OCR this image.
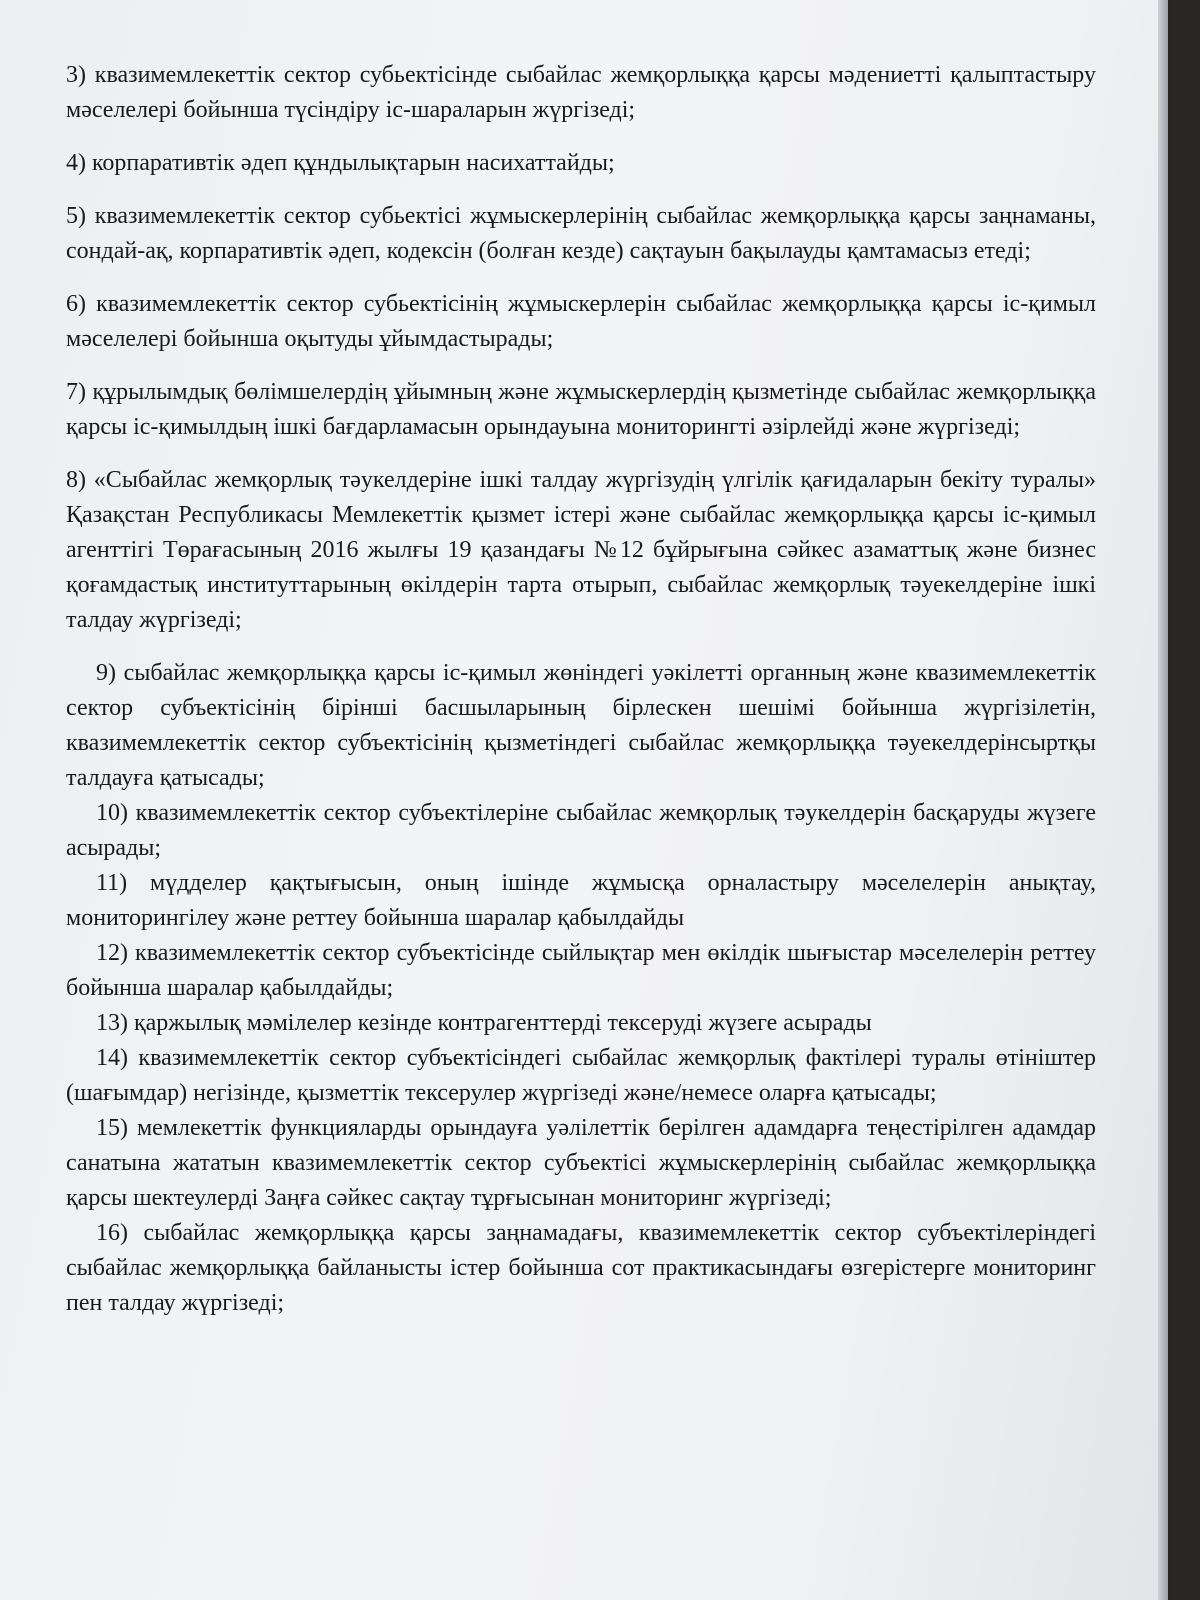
3) квазимемлекеттік сектор субьектісінде сыбайлас жемқорлыққа қарсы мәдениетті қалыптастыру мәселелері бойынша түсіндіру іс-шараларын жүргізеді;

4) корпаративтік әдеп құндылықтарын насихаттайды;

5) квазимемлекеттік сектор субьектісі жұмыскерлерінің сыбайлас жемқорлыққа қарсы заңнаманы, сондай-ақ, корпаративтік әдеп, кодексін (болған кезде) сақтауын бақылауды қамтамасыз етеді;

6) квазимемлекеттік сектор субьектісінің жұмыскерлерін сыбайлас жемқорлыққа қарсы іс-қимыл мәселелері бойынша оқытуды ұйымдастырады;

7) құрылымдық бөлімшелердің ұйымның және жұмыскерлердің қызметінде сыбайлас жемқорлыққа қарсы іс-қимылдың ішкі бағдарламасын орындауына мониторингті әзірлейді және жүргізеді;

8) «Сыбайлас жемқорлық тәукелдеріне ішкі талдау жүргізудің үлгілік қағидаларын бекіту туралы» Қазақстан Республикасы Мемлекеттік қызмет істері және сыбайлас жемқорлыққа қарсы іс-қимыл агенттігі Төрағасының 2016 жылғы 19 қазандағы №12 бұйрығына сәйкес азаматтық және бизнес қоғамдастық институттарының өкілдерін тарта отырып, сыбайлас жемқорлық тәуекелдеріне ішкі талдау жүргізеді;

9) сыбайлас жемқорлыққа қарсы іс-қимыл жөніндегі уәкілетті органның және квазимемлекеттік сектор субъектісінің бірінші басшыларының бірлескен шешімі бойынша жүргізілетін, квазимемлекеттік сектор субъектісінің қызметіндегі сыбайлас жемқорлыққа тәуекелдерінсыртқы талдауға қатысады;

10) квазимемлекеттік сектор субъектілеріне сыбайлас жемқорлық тәукелдерін басқаруды жүзеге асырады;

11) мүдделер қақтығысын, оның ішінде жұмысқа орналастыру мәселелерін анықтау, мониторингілеу және реттеу бойынша шаралар қабылдайды

12) квазимемлекеттік сектор субъектісінде сыйлықтар мен өкілдік шығыстар мәселелерін реттеу бойынша шаралар қабылдайды;

13) қаржылық мәмілелер кезінде контрагенттерді тексеруді жүзеге асырады

14) квазимемлекеттік сектор субъектісіндегі сыбайлас жемқорлық фактілері туралы өтініштер (шағымдар) негізінде, қызметтік тексерулер жүргізеді және/немесе оларға қатысады;

15) мемлекеттік функцияларды орындауға уәлілеттік берілген адамдарға теңестірілген адамдар санатына жататын квазимемлекеттік сектор субъектісі жұмыскерлерінің сыбайлас жемқорлыққа қарсы шектеулерді Заңға сәйкес сақтау тұрғысынан мониторинг жүргізеді;

16) сыбайлас жемқорлыққа қарсы заңнамадағы, квазимемлекеттік сектор субъектілеріндегі сыбайлас жемқорлыққа байланысты істер бойынша сот практикасындағы өзгерістерге мониторинг пен талдау жүргізеді;
